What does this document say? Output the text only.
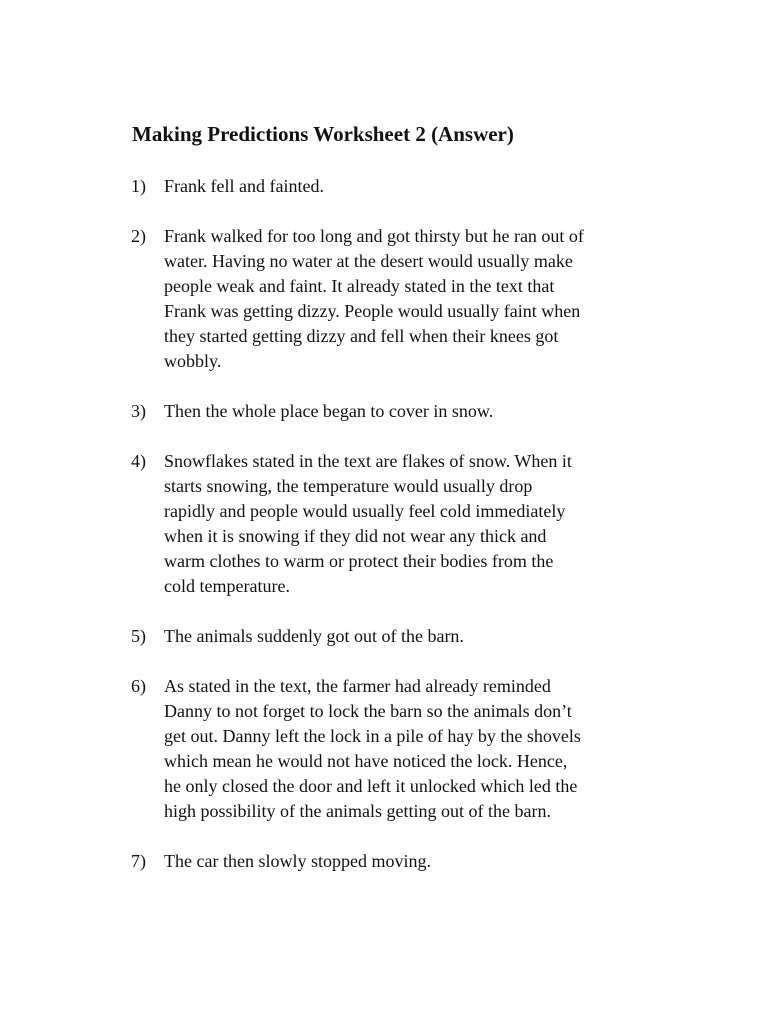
Making Predictions Worksheet 2 (Answer)
1) Frank fell and fainted.
2) Frank walked for too long and got thirsty but he ran out of
water. Having no water at the desert would usually make
people weak and faint. It already stated in the text that
Frank was getting dizzy. People would usually faint when
they started getting dizzy and fell when their knees got
wobbly.
3) Then the whole place began to cover in snow.
4) Snowflakes stated in the text are flakes of snow. When it
starts snowing, the temperature would usually drop
rapidly and people would usually feel cold immediately
when it is snowing if they did not wear any thick and
warm clothes to warm or protect their bodies from the
cold temperature.
5) The animals suddenly got out of the barn.
6) As stated in the text, the farmer had already reminded
Danny to not forget to lock the barn so the animals don’t
get out. Danny left the lock in a pile of hay by the shovels
which mean he would not have noticed the lock. Hence,
he only closed the door and left it unlocked which led the
high possibility of the animals getting out of the barn.
7) The car then slowly stopped moving.
